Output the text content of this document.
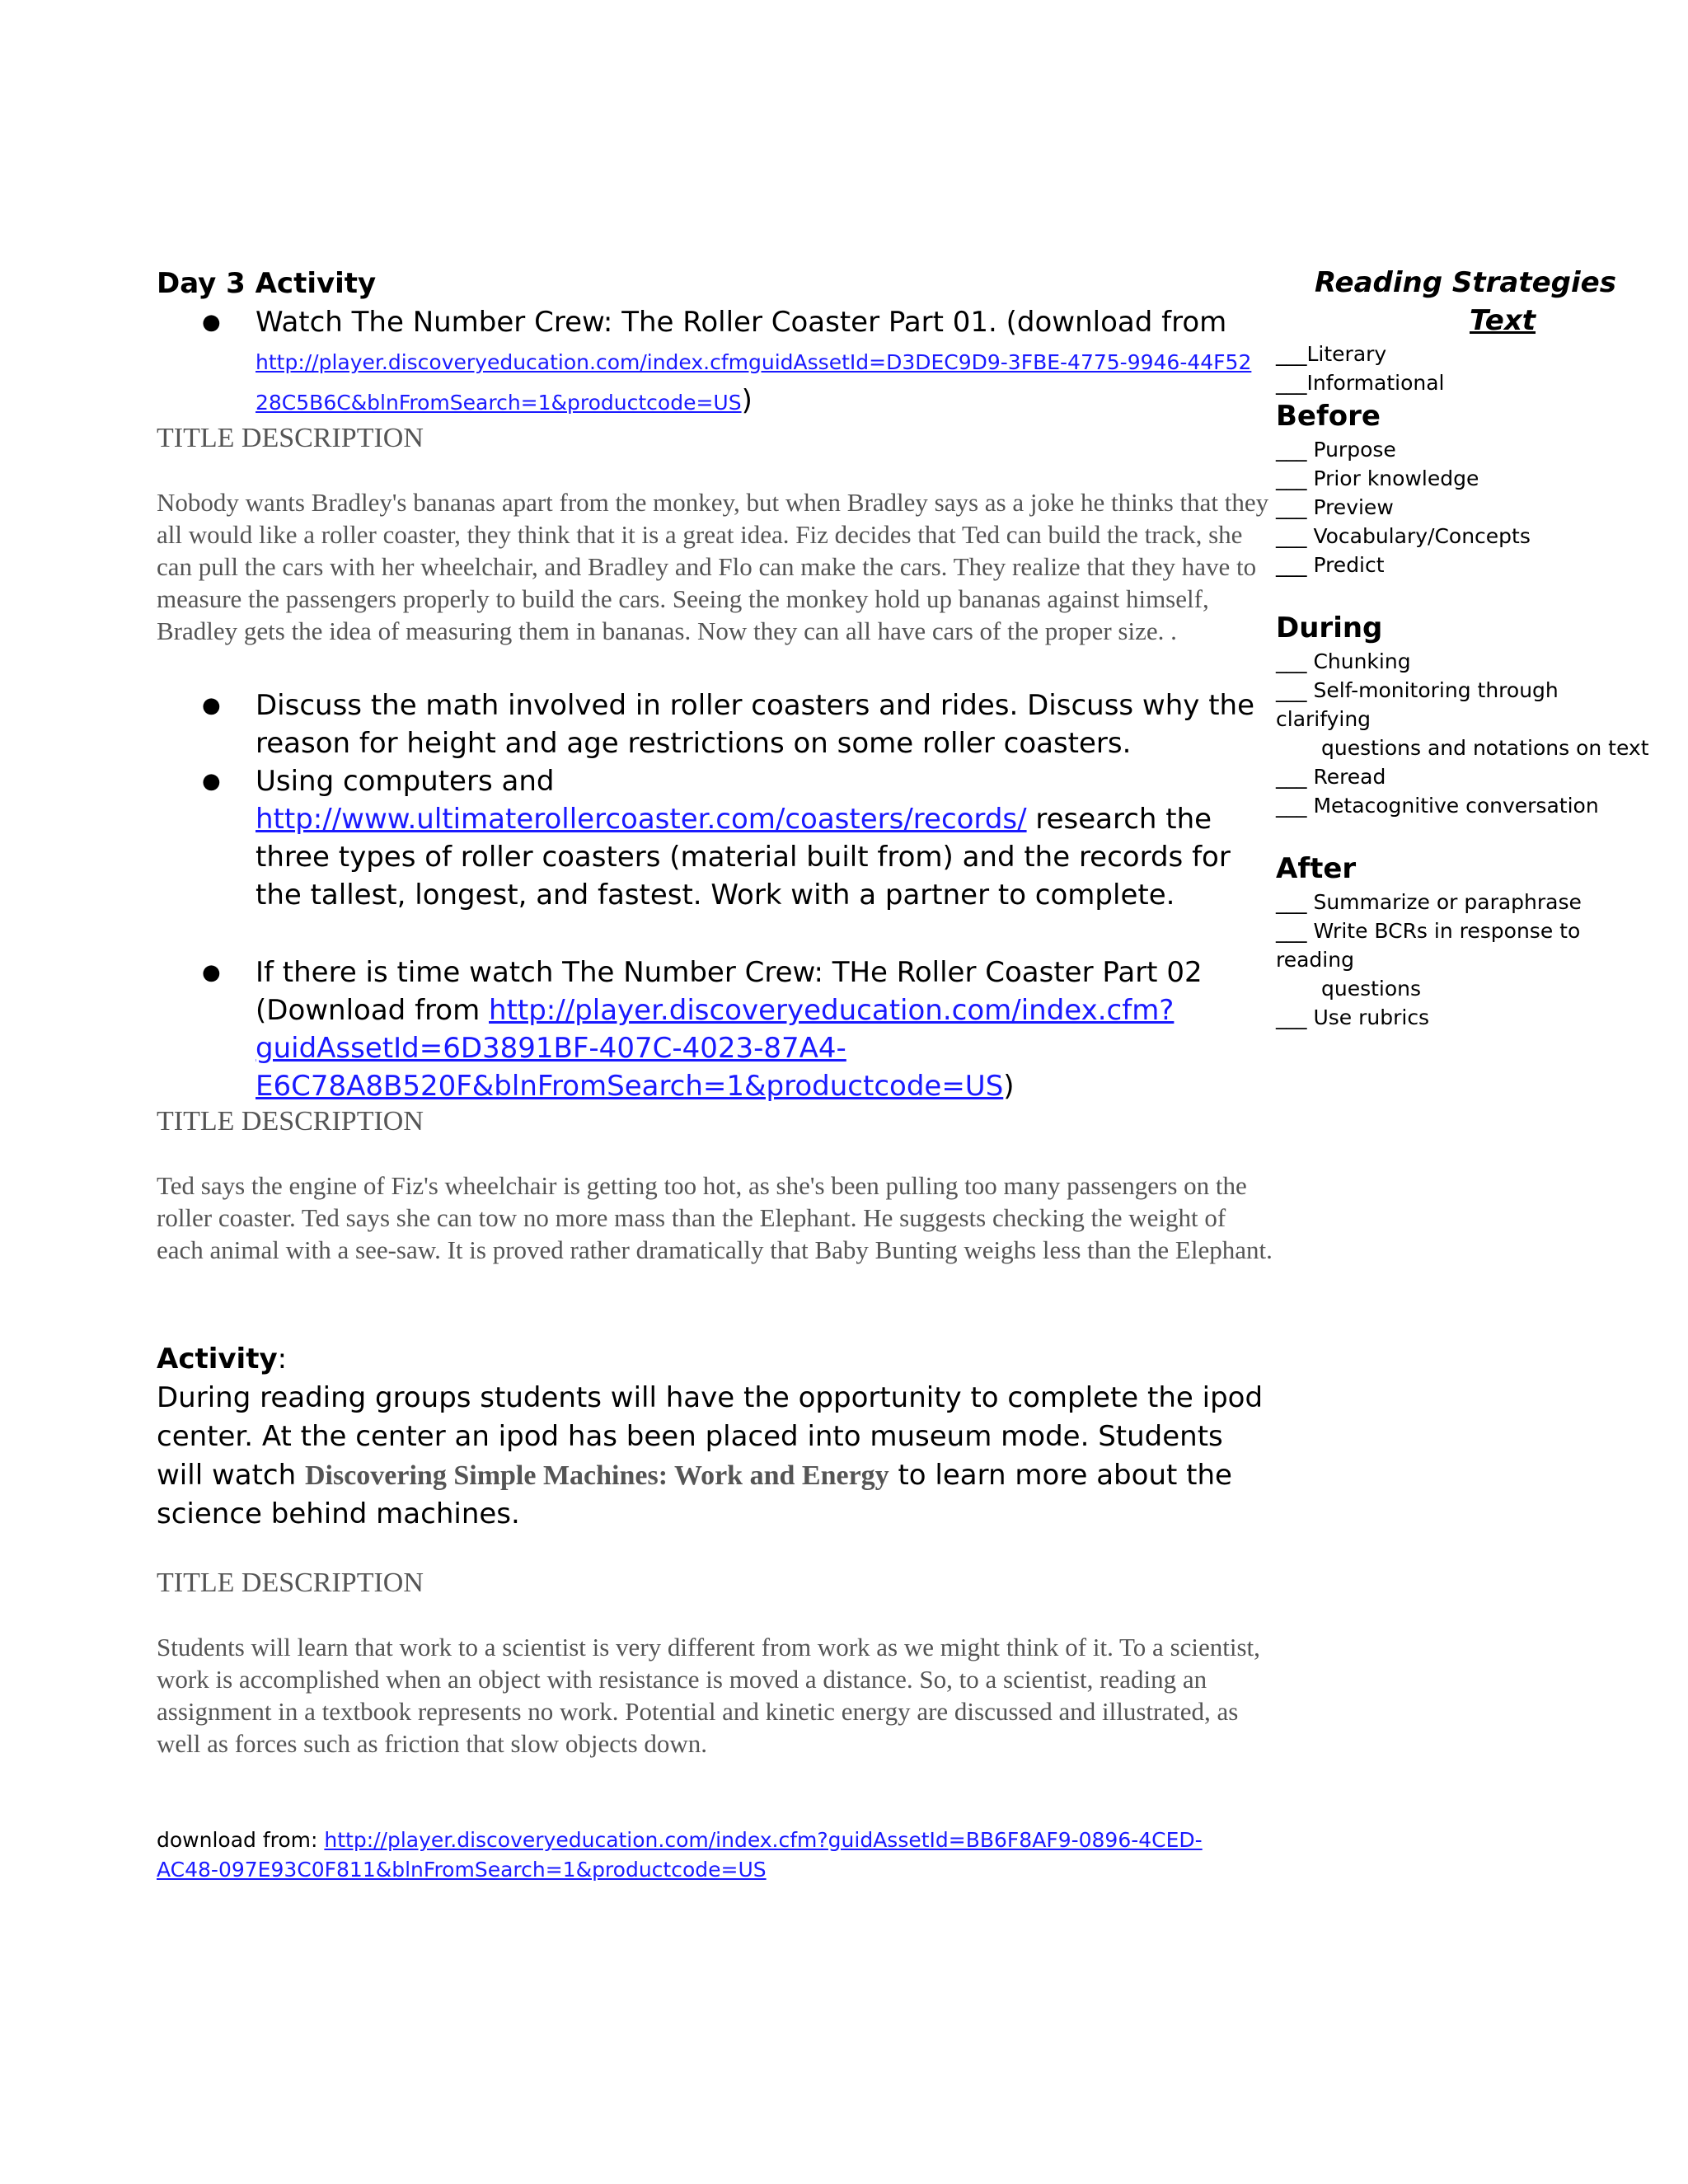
Day 3 Activity
● Watch The Number Crew: The Roller Coaster Part 01. (download from http://player.discoveryeducation.com/index.cfmguidAssetId=D3DEC9D9-3FBE-4775-9946-44F52
28C5B6C&blnFromSearch=1&productcode=US)

TITLE DESCRIPTION

Nobody wants Bradley's bananas apart from the monkey, but when Bradley says as a joke he thinks that they all would like a roller coaster, they think that it is a great idea. Fiz decides that Ted can build the track, she can pull the cars with her wheelchair, and Bradley and Flo can make the cars. They realize that they have to measure the passengers properly to build the cars. Seeing the monkey hold up bananas against himself, Bradley gets the idea of measuring them in bananas. Now they can all have cars of the proper size. .

● Discuss the math involved in roller coasters and rides. Discuss why the reason for height and age restrictions on some roller coasters.
● Using computers and http://www.ultimaterollercoaster.com/coasters/records/ research the three types of roller coasters (material built from) and the records for the tallest, longest, and fastest. Work with a partner to complete.
● If there is time watch The Number Crew: THe Roller Coaster Part 02 (Download from http://player.discoveryeducation.com/index.cfm?
guidAssetId=6D3891BF-407C-4023-87A4-
E6C78A8B520F&blnFromSearch=1&productcode=US)

TITLE DESCRIPTION

Ted says the engine of Fiz's wheelchair is getting too hot, as she's been pulling too many passengers on the roller coaster. Ted says she can tow no more mass than the Elephant. He suggests checking the weight of each animal with a see-saw. It is proved rather dramatically that Baby Bunting weighs less than the Elephant.

Activity:

During reading groups students will have the opportunity to complete the ipod center. At the center an ipod has been placed into museum mode. Students will watch Discovering Simple Machines: Work and Energy to learn more about the science behind machines.

TITLE DESCRIPTION

Students will learn that work to a scientist is very different from work as we might think of it. To a scientist, work is accomplished when an object with resistance is moved a distance. So, to a scientist, reading an assignment in a textbook represents no work. Potential and kinetic energy are discussed and illustrated, as well as forces such as friction that slow objects down.

download from: http://player.discoveryeducation.com/index.cfm?guidAssetId=BB6F8AF9-0896-4CED-
AC48-097E93C0F811&blnFromSearch=1&productcode=US
Reading Strategies
Text
___Literary
___Informational
Before
___ Purpose
___ Prior knowledge
___ Preview
___ Vocabulary/Concepts
___ Predict
During
___ Chunking
___ Self-monitoring through
clarifying
questions and notations on text
___ Reread
___ Metacognitive conversation
After
___ Summarize or paraphrase
___ Write BCRs in response to
reading
questions
___ Use rubrics
